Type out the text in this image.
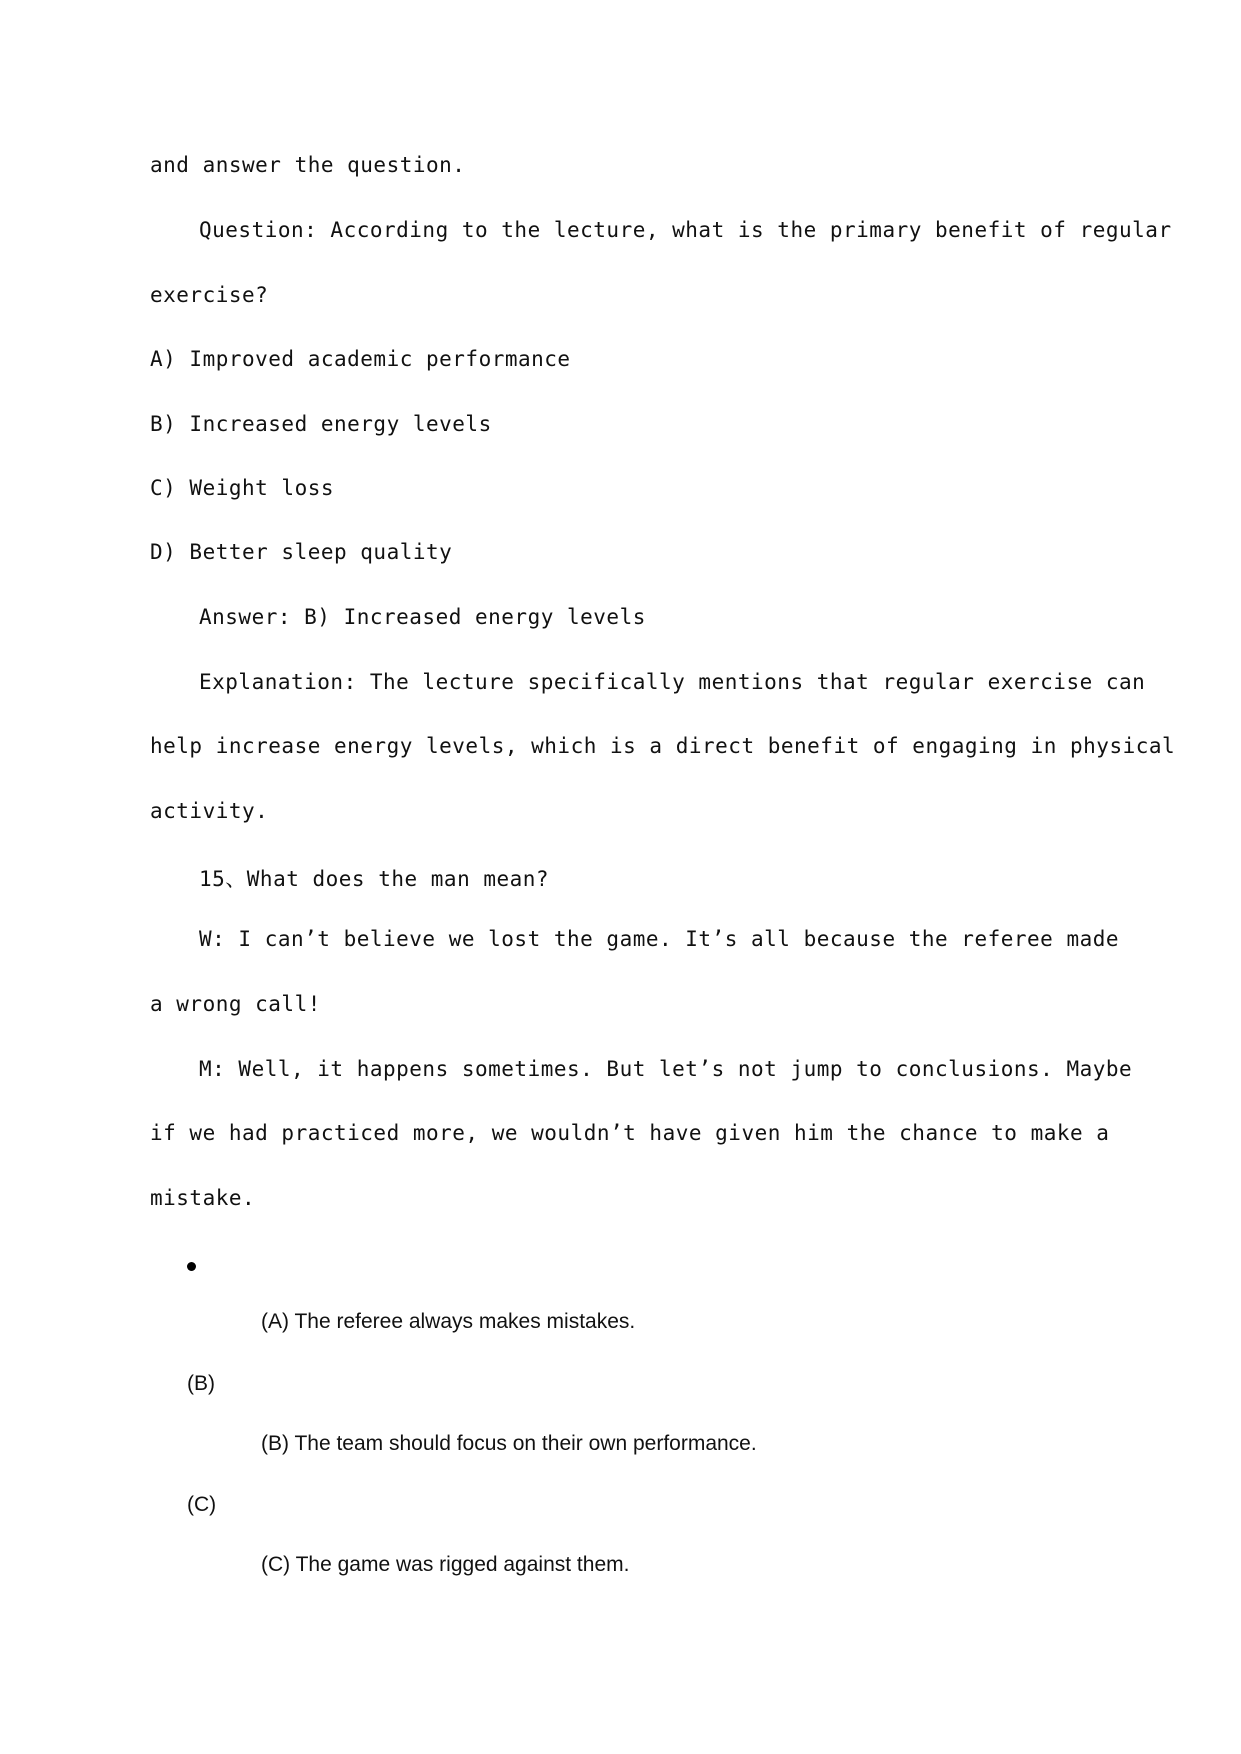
and answer the question.
Question: According to the lecture, what is the primary benefit of regular
exercise?
A) Improved academic performance
B) Increased energy levels
C) Weight loss
D) Better sleep quality
Answer: B) Increased energy levels
Explanation: The lecture specifically mentions that regular exercise can
help increase energy levels, which is a direct benefit of engaging in physical
activity.
15、What does the man mean?
W: I can’t believe we lost the game. It’s all because the referee made
a wrong call!
M: Well, it happens sometimes. But let’s not jump to conclusions. Maybe
if we had practiced more, we wouldn’t have given him the chance to make a
mistake.
(A) The referee always makes mistakes.
(B)
(B) The team should focus on their own performance.
(C)
(C) The game was rigged against them.
